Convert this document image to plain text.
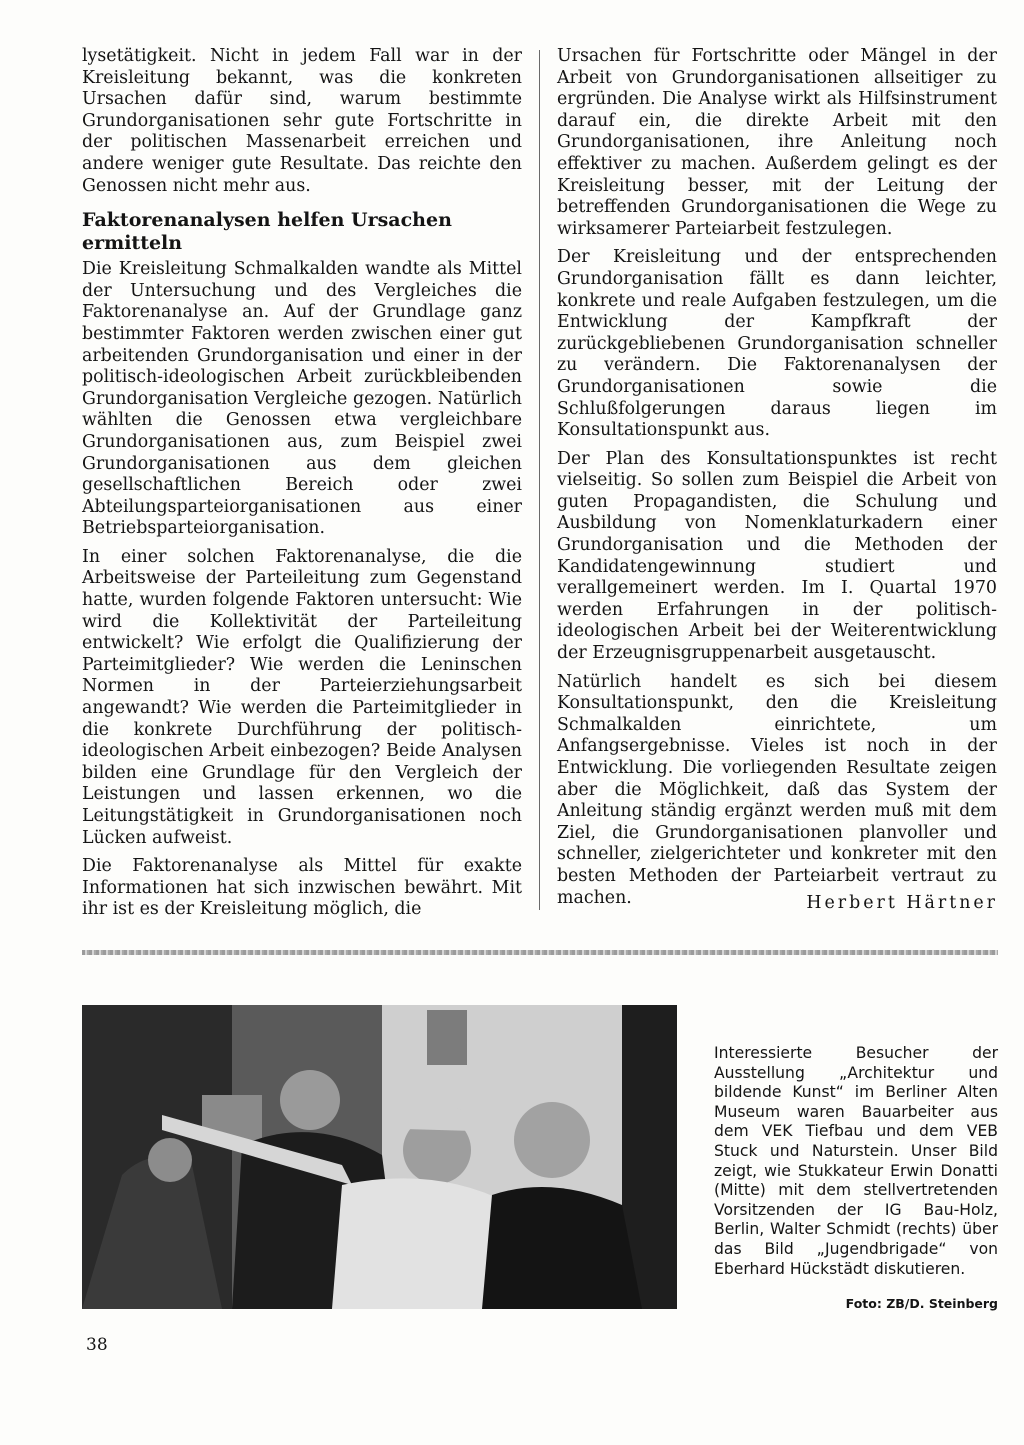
lysetätigkeit. Nicht in jedem Fall war in der Kreisleitung bekannt, was die konkreten Ursachen dafür sind, warum bestimmte Grundorganisationen sehr gute Fortschritte in der politischen Massenarbeit erreichen und andere weniger gute Resultate. Das reichte den Genossen nicht mehr aus.

Faktorenanalysen helfen Ursachen ermitteln

Die Kreisleitung Schmalkalden wandte als Mittel der Untersuchung und des Vergleiches die Faktorenanalyse an. Auf der Grundlage ganz bestimmter Faktoren werden zwischen einer gut arbeitenden Grundorganisation und einer in der politisch-ideologischen Arbeit zurückbleibenden Grundorganisation Vergleiche gezogen. Natürlich wählten die Genossen etwa vergleichbare Grundorganisationen aus, zum Beispiel zwei Grundorganisationen aus dem gleichen gesellschaftlichen Bereich oder zwei Abteilungsparteiorganisationen aus einer Betriebsparteiorganisation.

In einer solchen Faktorenanalyse, die die Arbeitsweise der Parteileitung zum Gegenstand hatte, wurden folgende Faktoren untersucht: Wie wird die Kollektivität der Parteileitung entwickelt? Wie erfolgt die Qualifizierung der Parteimitglieder? Wie werden die Leninschen Normen in der Parteierziehungsarbeit angewandt? Wie werden die Parteimitglieder in die konkrete Durchführung der politisch-ideologischen Arbeit einbezogen? Beide Analysen bilden eine Grundlage für den Vergleich der Leistungen und lassen erkennen, wo die Leitungstätigkeit in Grundorganisationen noch Lücken aufweist.

Die Faktorenanalyse als Mittel für exakte Informationen hat sich inzwischen bewährt. Mit ihr ist es der Kreisleitung möglich, die

Ursachen für Fortschritte oder Mängel in der Arbeit von Grundorganisationen allseitiger zu ergründen. Die Analyse wirkt als Hilfsinstrument darauf ein, die direkte Arbeit mit den Grundorganisationen, ihre Anleitung noch effektiver zu machen. Außerdem gelingt es der Kreisleitung besser, mit der Leitung der betreffenden Grundorganisationen die Wege zu wirksamerer Parteiarbeit festzulegen.

Der Kreisleitung und der entsprechenden Grundorganisation fällt es dann leichter, konkrete und reale Aufgaben festzulegen, um die Entwicklung der Kampfkraft der zurückgebliebenen Grundorganisation schneller zu verändern. Die Faktorenanalysen der Grundorganisationen sowie die Schlußfolgerungen daraus liegen im Konsultationspunkt aus.

Der Plan des Konsultationspunktes ist recht vielseitig. So sollen zum Beispiel die Arbeit von guten Propagandisten, die Schulung und Ausbildung von Nomenklaturkadern einer Grundorganisation und die Methoden der Kandidatengewinnung studiert und verallgemeinert werden. Im I. Quartal 1970 werden Erfahrungen in der politisch-ideologischen Arbeit bei der Weiterentwicklung der Erzeugnisgruppenarbeit ausgetauscht.

Natürlich handelt es sich bei diesem Konsultationspunkt, den die Kreisleitung Schmalkalden einrichtete, um Anfangsergebnisse. Vieles ist noch in der Entwicklung. Die vorliegenden Resultate zeigen aber die Möglichkeit, daß das System der Anleitung ständig ergänzt werden muß mit dem Ziel, die Grundorganisationen planvoller und schneller, zielgerichteter und konkreter mit den besten Methoden der Parteiarbeit vertraut zu machen.	Herbert Härtner
Interessierte Besucher der Ausstellung „Architektur und bildende Kunst“ im Berliner Alten Museum waren Bauarbeiter aus dem VEK Tiefbau und dem VEB Stuck und Naturstein. Unser Bild zeigt, wie Stukkateur Erwin Donatti (Mitte) mit dem stellvertretenden Vorsitzenden der IG Bau-Holz, Berlin, Walter Schmidt (rechts) über das Bild „Jugendbrigade“ von Eberhard Hückstädt diskutieren.
Foto: ZB/D. Steinberg
38
